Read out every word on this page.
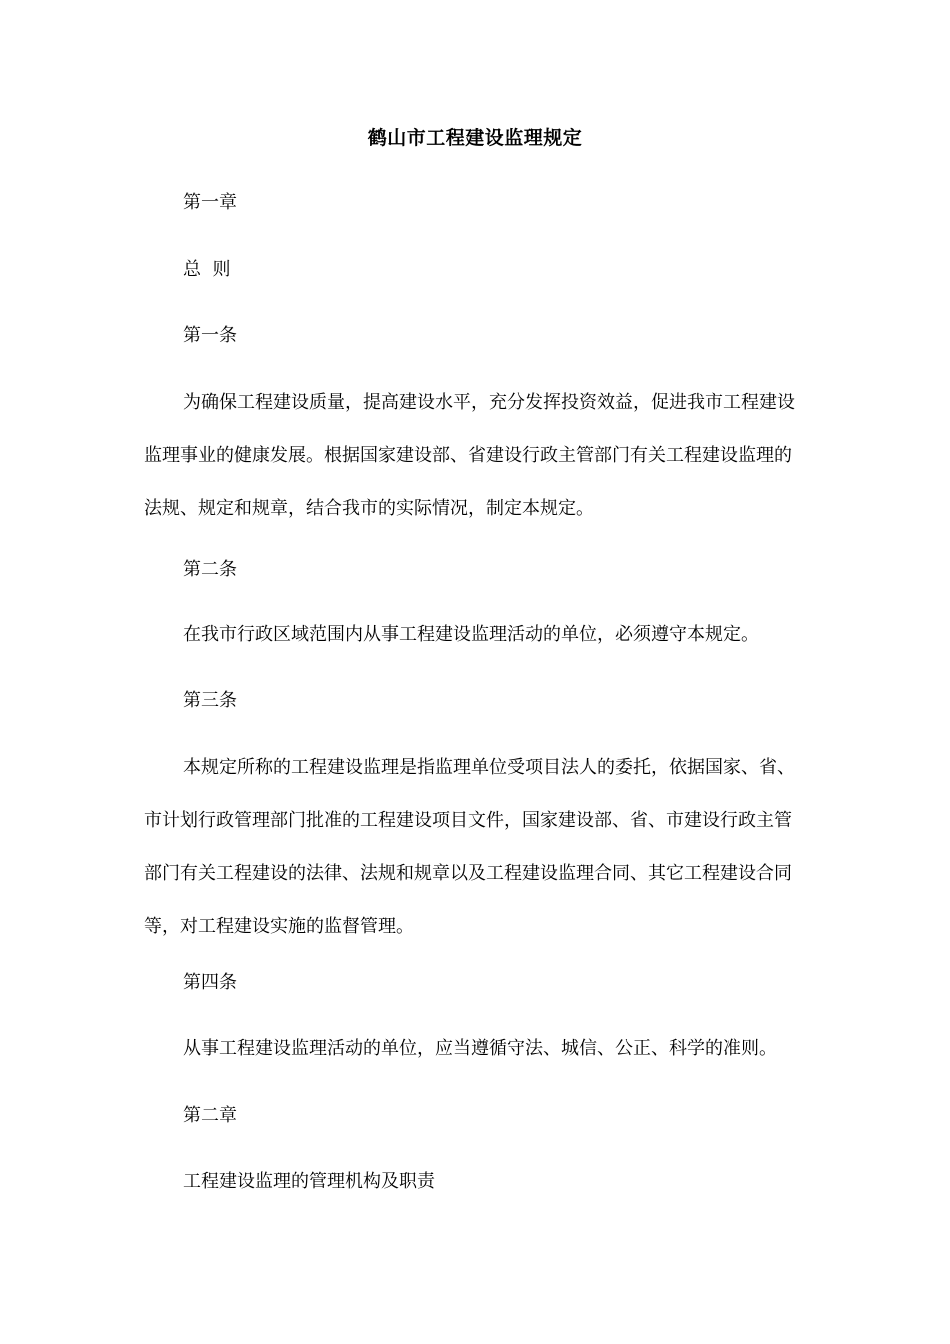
鹤山市工程建设监理规定
第一章
总  则
第一条

为确保工程建设质量，提高建设水平，充分发挥投资效益，促进我市工程建设监理事业的健康发展。根据国家建设部、省建设行政主管部门有关工程建设监理的法规、规定和规章，结合我市的实际情况，制定本规定。

第二条
在我市行政区域范围内从事工程建设监理活动的单位，必须遵守本规定。
第三条

本规定所称的工程建设监理是指监理单位受项目法人的委托，依据国家、省、市计划行政管理部门批准的工程建设项目文件，国家建设部、省、市建设行政主管部门有关工程建设的法律、法规和规章以及工程建设监理合同、其它工程建设合同等，对工程建设实施的监督管理。

第四条
从事工程建设监理活动的单位，应当遵循守法、城信、公正、科学的准则。
第二章
工程建设监理的管理机构及职责
